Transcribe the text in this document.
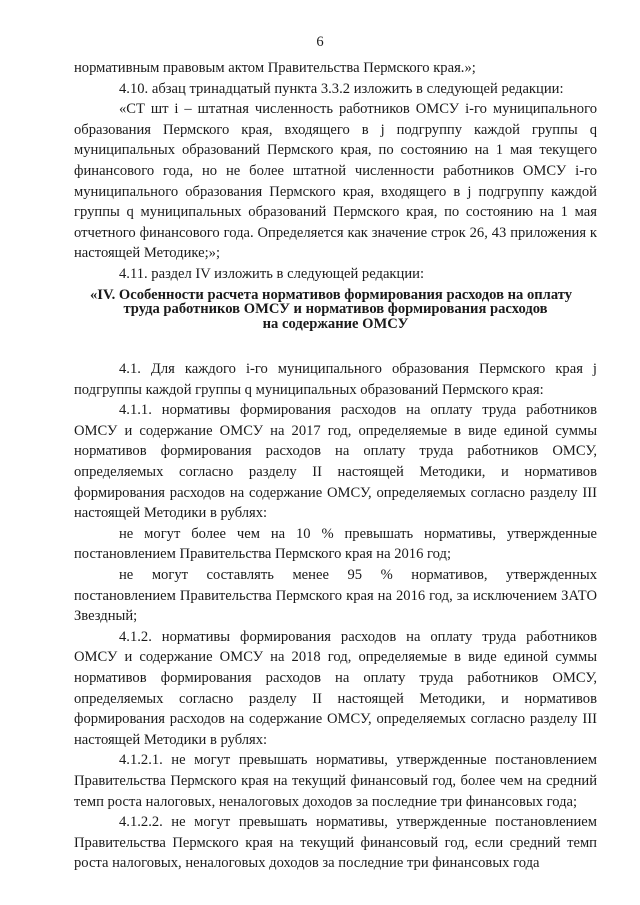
6

нормативным правовым актом Правительства Пермского края.»;

4.10. абзац тринадцатый пункта 3.3.2 изложить в следующей редакции:

«СТ шт i – штатная численность работников ОМСУ i-го муниципального образования Пермского края, входящего в j подгруппу каждой группы q муниципальных образований Пермского края, по состоянию на 1 мая текущего финансового года, но не более штатной численности работников ОМСУ i-го муниципального образования Пермского края, входящего в j подгруппу каждой группы q муниципальных образований Пермского края, по состоянию на 1 мая отчетного финансового года. Определяется как значение строк 26, 43 приложения к настоящей Методике;»;

4.11. раздел IV изложить в следующей редакции:

«IV. Особенности расчета нормативов формирования расходов на оплату
труда работников ОМСУ и нормативов формирования расходов
на содержание ОМСУ

4.1. Для каждого i-го муниципального образования Пермского края j подгруппы каждой группы q муниципальных образований Пермского края:

4.1.1. нормативы формирования расходов на оплату труда работников ОМСУ и содержание ОМСУ на 2017 год, определяемые в виде единой суммы нормативов формирования расходов на оплату труда работников ОМСУ, определяемых согласно разделу II настоящей Методики, и нормативов формирования расходов на содержание ОМСУ, определяемых согласно разделу III настоящей Методики в рублях:

не могут более чем на 10 % превышать нормативы, утвержденные постановлением Правительства Пермского края на 2016 год;

не могут составлять менее 95 % нормативов, утвержденных постановлением Правительства Пермского края на 2016 год, за исключением ЗАТО Звездный;

4.1.2. нормативы формирования расходов на оплату труда работников ОМСУ и содержание ОМСУ на 2018 год, определяемые в виде единой суммы нормативов формирования расходов на оплату труда работников ОМСУ, определяемых согласно разделу II настоящей Методики, и нормативов формирования расходов на содержание ОМСУ, определяемых согласно разделу III настоящей Методики в рублях:

4.1.2.1. не могут превышать нормативы, утвержденные постановлением Правительства Пермского края на текущий финансовый год, более чем на средний темп роста налоговых, неналоговых доходов за последние три финансовых года;

4.1.2.2. не могут превышать нормативы, утвержденные постановлением Правительства Пермского края на текущий финансовый год, если средний темп роста налоговых, неналоговых доходов за последние три финансовых года
